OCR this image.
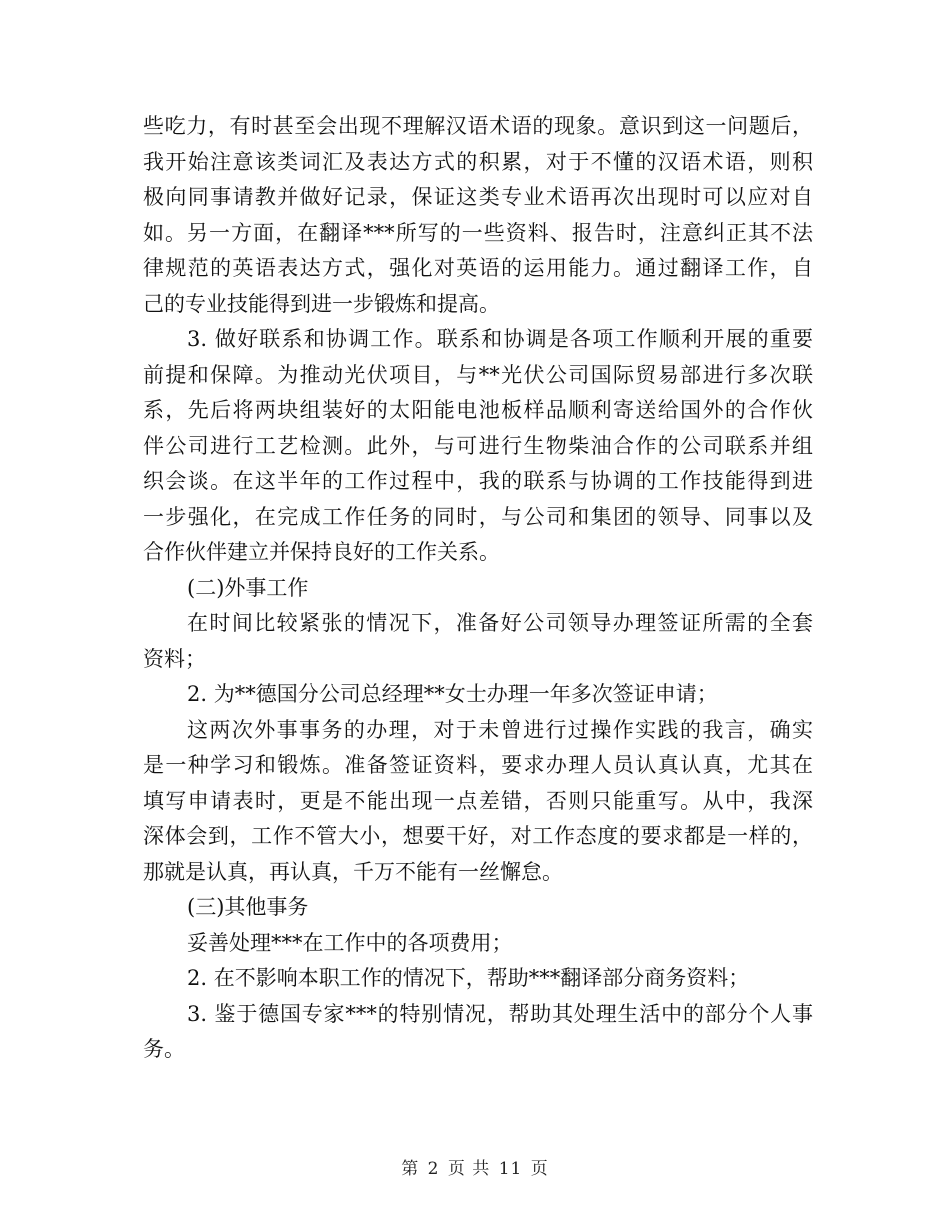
些吃力，有时甚至会出现不理解汉语术语的现象。意识到这一问题后，
我开始注意该类词汇及表达方式的积累，对于不懂的汉语术语，则积
极向同事请教并做好记录，保证这类专业术语再次出现时可以应对自
如。另一方面，在翻译***所写的一些资料、报告时，注意纠正其不法
律规范的英语表达方式，强化对英语的运用能力。通过翻译工作，自
己的专业技能得到进一步锻炼和提高。
3. 做好联系和协调工作。联系和协调是各项工作顺利开展的重要
前提和保障。为推动光伏项目，与**光伏公司国际贸易部进行多次联
系，先后将两块组装好的太阳能电池板样品顺利寄送给国外的合作伙
伴公司进行工艺检测。此外，与可进行生物柴油合作的公司联系并组
织会谈。在这半年的工作过程中，我的联系与协调的工作技能得到进
一步强化，在完成工作任务的同时，与公司和集团的领导、同事以及
合作伙伴建立并保持良好的工作关系。
(二)外事工作
在时间比较紧张的情况下，准备好公司领导办理签证所需的全套
资料；
2. 为**德国分公司总经理**女士办理一年多次签证申请；
这两次外事事务的办理，对于未曾进行过操作实践的我言，确实
是一种学习和锻炼。准备签证资料，要求办理人员认真认真，尤其在
填写申请表时，更是不能出现一点差错，否则只能重写。从中，我深
深体会到，工作不管大小，想要干好，对工作态度的要求都是一样的，
那就是认真，再认真，千万不能有一丝懈怠。
(三)其他事务
妥善处理***在工作中的各项费用；
2. 在不影响本职工作的情况下，帮助***翻译部分商务资料；
3. 鉴于德国专家***的特别情况，帮助其处理生活中的部分个人事
务。
第 2 页 共 11 页
